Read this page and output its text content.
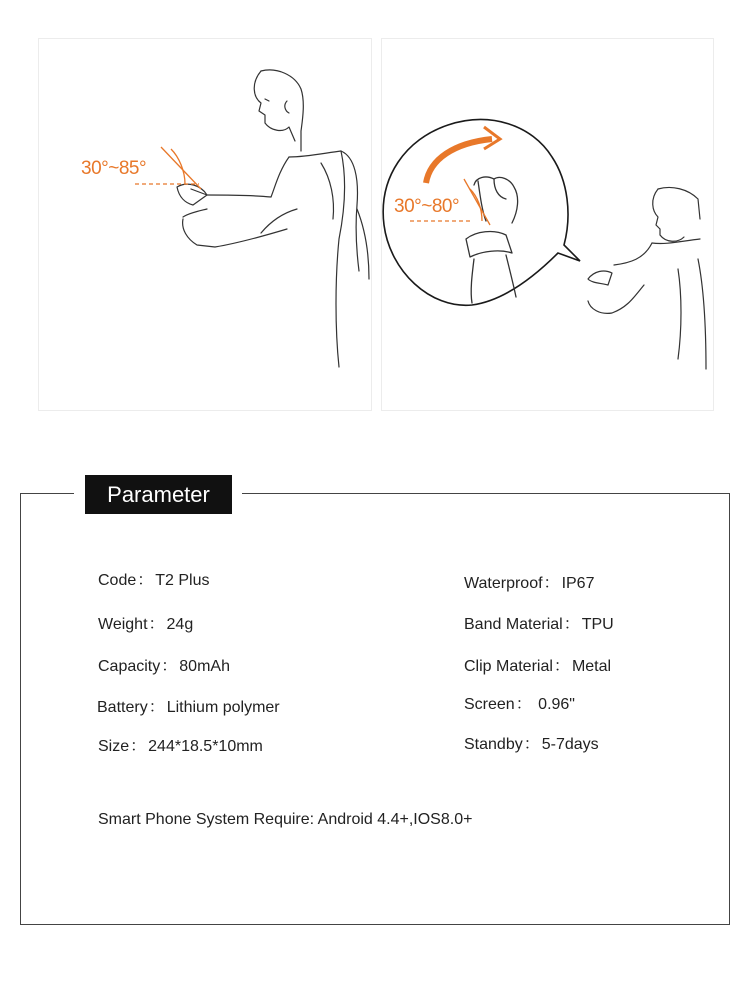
30°~85°
30°~80°
Parameter
Code： T2 Plus
Weight： 24g
Capacity： 80mAh
Battery： Lithium polymer
Size： 244*18.5*10mm
Waterproof： IP67
Band Material： TPU
Clip Material： Metal
Screen： 0.96"
Standby： 5-7days
Smart Phone System Require: Android 4.4+,IOS8.0+
